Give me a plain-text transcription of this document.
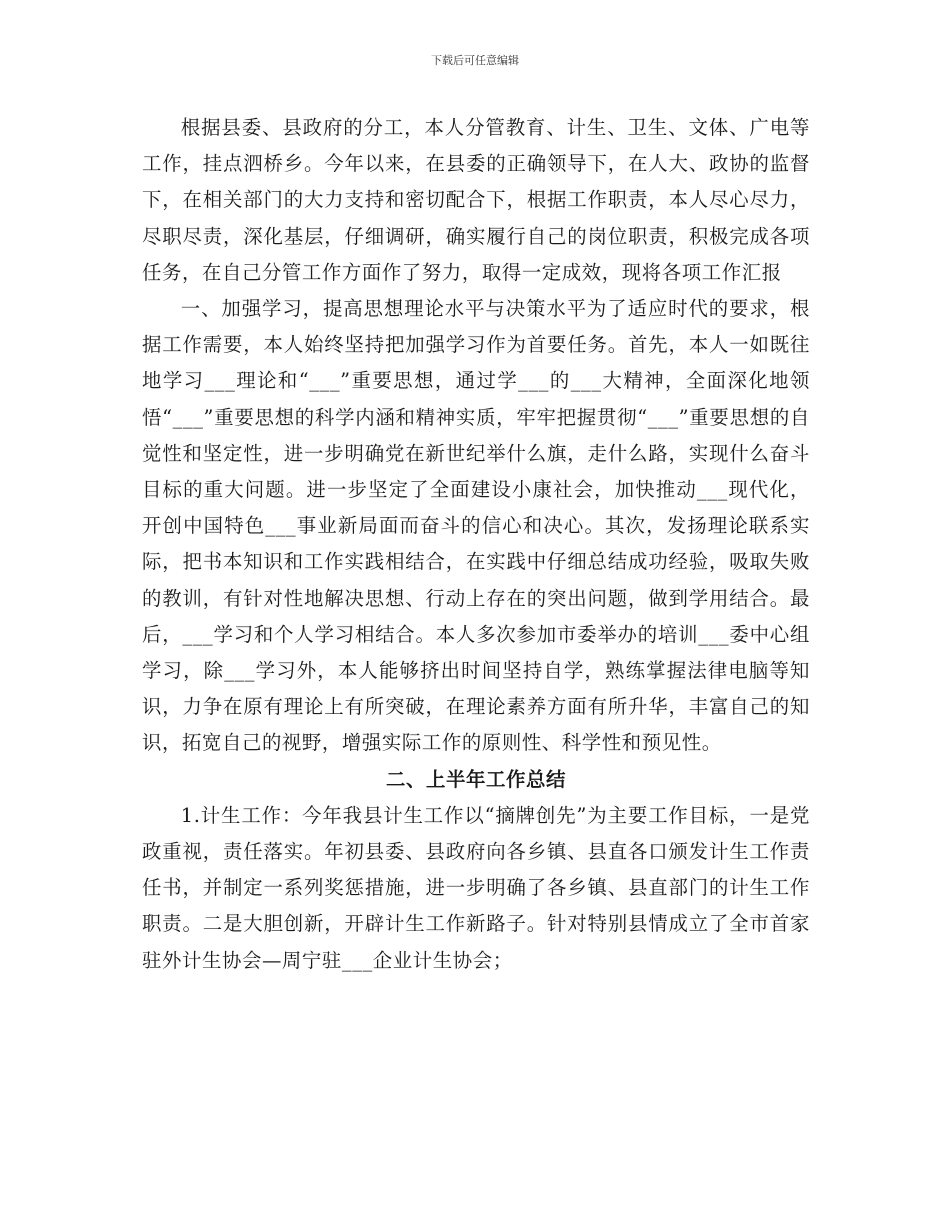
下载后可任意编辑

根据县委、县政府的分工，本人分管教育、计生、卫生、文体、广电等工作，挂点泗桥乡。今年以来，在县委的正确领导下，在人大、政协的监督下，在相关部门的大力支持和密切配合下，根据工作职责，本人尽心尽力，尽职尽责，深化基层，仔细调研，确实履行自己的岗位职责，积极完成各项任务，在自己分管工作方面作了努力，取得一定成效，现将各项工作汇报

一、加强学习，提高思想理论水平与决策水平为了适应时代的要求，根据工作需要，本人始终坚持把加强学习作为首要任务。首先，本人一如既往地学习___理论和“___”重要思想，通过学___的___大精神，全面深化地领悟“___”重要思想的科学内涵和精神实质，牢牢把握贯彻“___”重要思想的自觉性和坚定性，进一步明确党在新世纪举什么旗，走什么路，实现什么奋斗目标的重大问题。进一步坚定了全面建设小康社会，加快推动___现代化，开创中国特色___事业新局面而奋斗的信心和决心。其次，发扬理论联系实际，把书本知识和工作实践相结合，在实践中仔细总结成功经验，吸取失败的教训，有针对性地解决思想、行动上存在的突出问题，做到学用结合。最后，___学习和个人学习相结合。本人多次参加市委举办的培训___委中心组学习，除___学习外，本人能够挤出时间坚持自学，熟练掌握法律电脑等知识，力争在原有理论上有所突破，在理论素养方面有所升华，丰富自己的知识，拓宽自己的视野，增强实际工作的原则性、科学性和预见性。

二、上半年工作总结

1.计生工作：今年我县计生工作以“摘牌创先”为主要工作目标，一是党政重视，责任落实。年初县委、县政府向各乡镇、县直各口颁发计生工作责任书，并制定一系列奖惩措施，进一步明确了各乡镇、县直部门的计生工作职责。二是大胆创新，开辟计生工作新路子。针对特别县情成立了全市首家驻外计生协会—周宁驻___企业计生协会；
